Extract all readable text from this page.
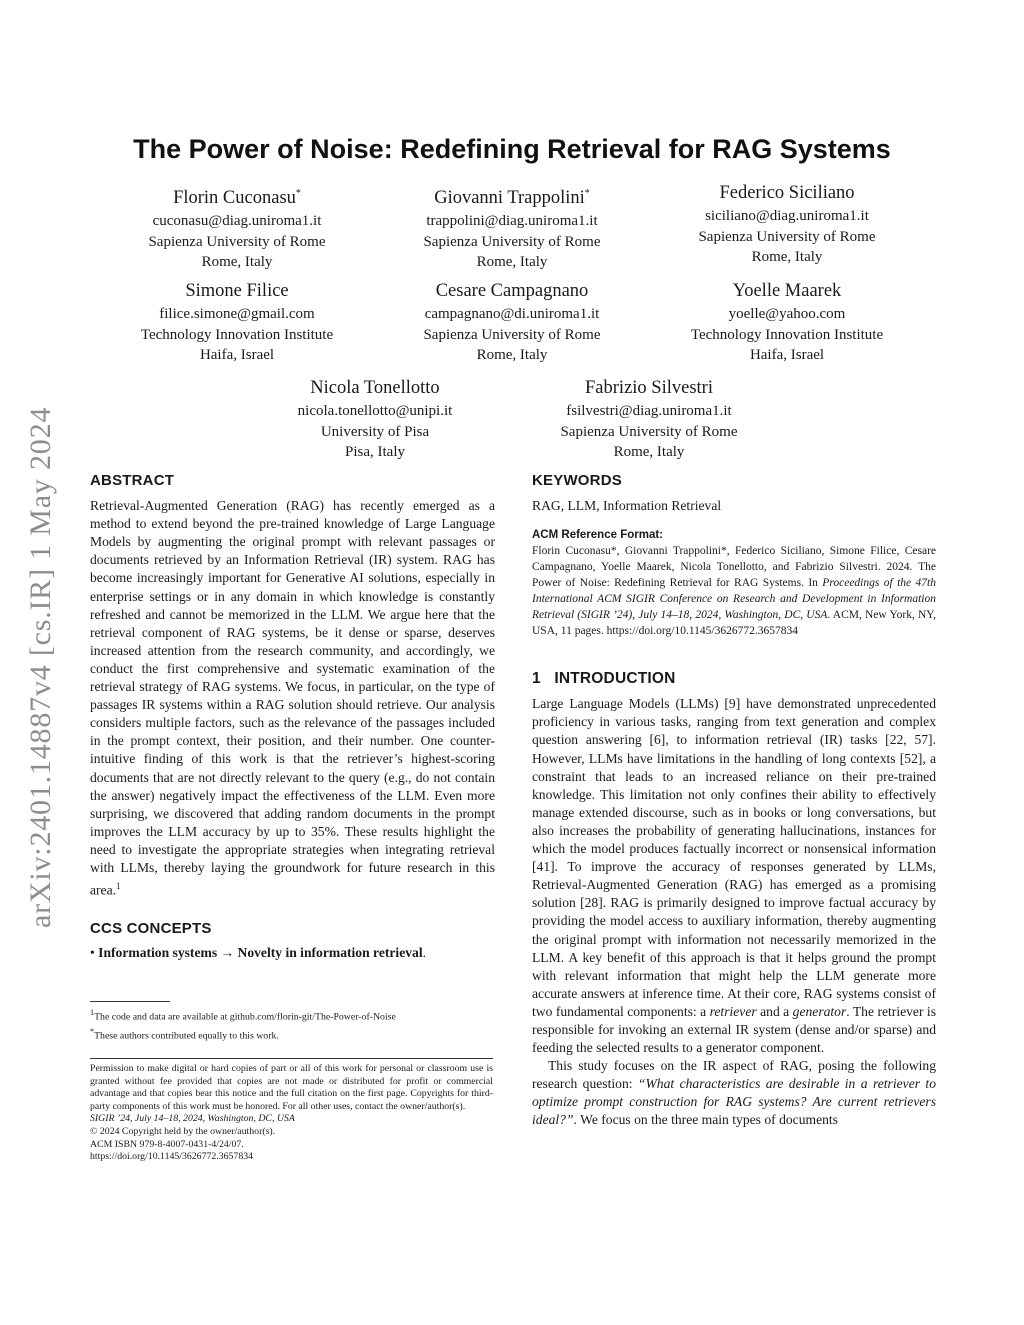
arXiv:2401.14887v4 [cs.IR] 1 May 2024
The Power of Noise: Redefining Retrieval for RAG Systems
Florin Cuconasu*
cuconasu@diag.uniroma1.it
Sapienza University of Rome
Rome, Italy
Giovanni Trappolini*
trappolini@diag.uniroma1.it
Sapienza University of Rome
Rome, Italy
Federico Siciliano
siciliano@diag.uniroma1.it
Sapienza University of Rome
Rome, Italy
Simone Filice
filice.simone@gmail.com
Technology Innovation Institute
Haifa, Israel
Cesare Campagnano
campagnano@di.uniroma1.it
Sapienza University of Rome
Rome, Italy
Yoelle Maarek
yoelle@yahoo.com
Technology Innovation Institute
Haifa, Israel
Nicola Tonellotto
nicola.tonellotto@unipi.it
University of Pisa
Pisa, Italy
Fabrizio Silvestri
fsilvestri@diag.uniroma1.it
Sapienza University of Rome
Rome, Italy
ABSTRACT

Retrieval-Augmented Generation (RAG) has recently emerged as a method to extend beyond the pre-trained knowledge of Large Language Models by augmenting the original prompt with relevant passages or documents retrieved by an Information Retrieval (IR) system. RAG has become increasingly important for Generative AI solutions, especially in enterprise settings or in any domain in which knowledge is constantly refreshed and cannot be memorized in the LLM. We argue here that the retrieval component of RAG systems, be it dense or sparse, deserves increased attention from the research community, and accordingly, we conduct the first comprehensive and systematic examination of the retrieval strategy of RAG systems. We focus, in particular, on the type of passages IR systems within a RAG solution should retrieve. Our analysis considers multiple factors, such as the relevance of the passages included in the prompt context, their position, and their number. One counter-intuitive finding of this work is that the retriever’s highest-scoring documents that are not directly relevant to the query (e.g., do not contain the answer) negatively impact the effectiveness of the LLM. Even more surprising, we discovered that adding random documents in the prompt improves the LLM accuracy by up to 35%. These results highlight the need to investigate the appropriate strategies when integrating retrieval with LLMs, thereby laying the groundwork for future research in this area.$^1$

CCS CONCEPTS

• Information systems → Novelty in information retrieval.

$^1$The code and data are available at github.com/florin-git/The-Power-of-Noise
*These authors contributed equally to this work.

Permission to make digital or hard copies of part or all of this work for personal or classroom use is granted without fee provided that copies are not made or distributed for profit or commercial advantage and that copies bear this notice and the full citation on the first page. Copyrights for third-party components of this work must be honored. For all other uses, contact the owner/author(s).

SIGIR ’24, July 14–18, 2024, Washington, DC, USA
© 2024 Copyright held by the owner/author(s).
ACM ISBN 979-8-4007-0431-4/24/07.
https://doi.org/10.1145/3626772.3657834
KEYWORDS

RAG, LLM, Information Retrieval

ACM Reference Format:

Florin Cuconasu*, Giovanni Trappolini*, Federico Siciliano, Simone Filice, Cesare Campagnano, Yoelle Maarek, Nicola Tonellotto, and Fabrizio Silvestri. 2024. The Power of Noise: Redefining Retrieval for RAG Systems. In Proceedings of the 47th International ACM SIGIR Conference on Research and Development in Information Retrieval (SIGIR ’24), July 14–18, 2024, Washington, DC, USA. ACM, New York, NY, USA, 11 pages. https://doi.org/10.1145/3626772.3657834

1   INTRODUCTION

Large Language Models (LLMs) [9] have demonstrated unprecedented proficiency in various tasks, ranging from text generation and complex question answering [6], to information retrieval (IR) tasks [22, 57]. However, LLMs have limitations in the handling of long contexts [52], a constraint that leads to an increased reliance on their pre-trained knowledge. This limitation not only confines their ability to effectively manage extended discourse, such as in books or long conversations, but also increases the probability of generating hallucinations, instances for which the model produces factually incorrect or nonsensical information [41]. To improve the accuracy of responses generated by LLMs, Retrieval-Augmented Generation (RAG) has emerged as a promising solution [28]. RAG is primarily designed to improve factual accuracy by providing the model access to auxiliary information, thereby augmenting the original prompt with information not necessarily memorized in the LLM. A key benefit of this approach is that it helps ground the prompt with relevant information that might help the LLM generate more accurate answers at inference time. At their core, RAG systems consist of two fundamental components: a retriever and a generator. The retriever is responsible for invoking an external IR system (dense and/or sparse) and feeding the selected results to a generator component.

This study focuses on the IR aspect of RAG, posing the following research question: “What characteristics are desirable in a retriever to optimize prompt construction for RAG systems? Are current retrievers ideal?”. We focus on the three main types of documents
